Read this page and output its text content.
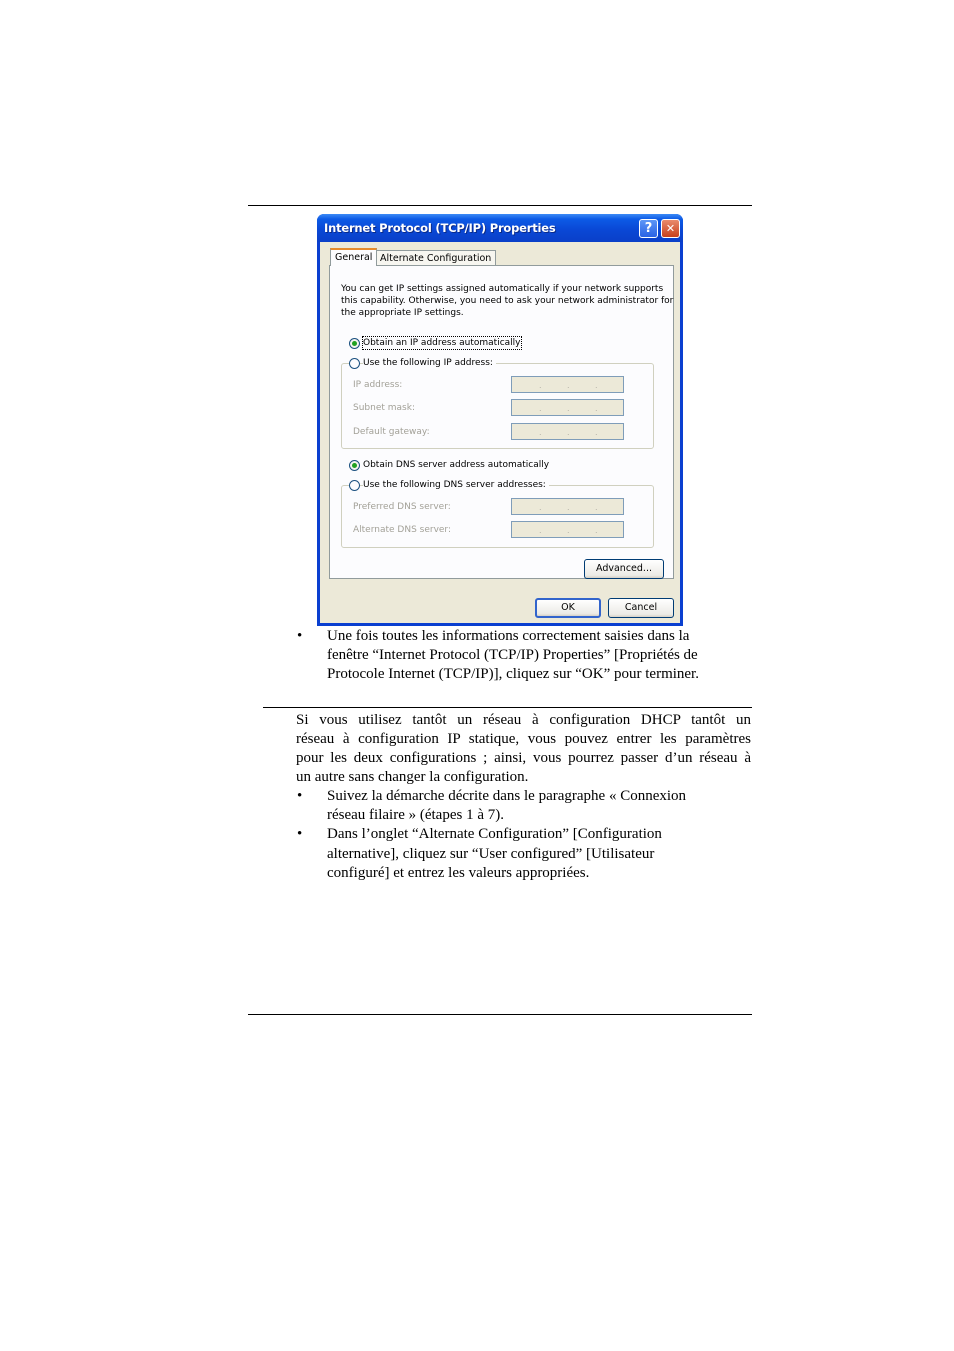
Internet Protocol (TCP/IP) Properties	?	✕
General Alternate Configuration
You can get IP settings assigned automatically if your network supports
this capability. Otherwise, you need to ask your network administrator for
the appropriate IP settings.
Obtain an IP address automatically
Use the following IP address:
IP address:	.	.	.
Subnet mask:	.	.	.
Default gateway:	.	.	.
Obtain DNS server address automatically
Use the following DNS server addresses:
Preferred DNS server:	.	.	.
Alternate DNS server:	.	.	.
Advanced...
OK	Cancel
• Une fois toutes les informations correctement saisies dans la
fenêtre “Internet Protocol (TCP/IP) Properties” [Propriétés de
Protocole Internet (TCP/IP)], cliquez sur “OK” pour terminer.
Si vous utilisez tantôt un réseau à configuration DHCP tantôt un
réseau à configuration IP statique, vous pouvez entrer les paramètres
pour les deux configurations ; ainsi, vous pourrez passer d’un réseau à
un autre sans changer la configuration.
• Suivez la démarche décrite dans le paragraphe « Connexion
réseau filaire » (étapes 1 à 7).
• Dans l’onglet “Alternate Configuration” [Configuration
alternative], cliquez sur “User configured” [Utilisateur
configuré] et entrez les valeurs appropriées.
